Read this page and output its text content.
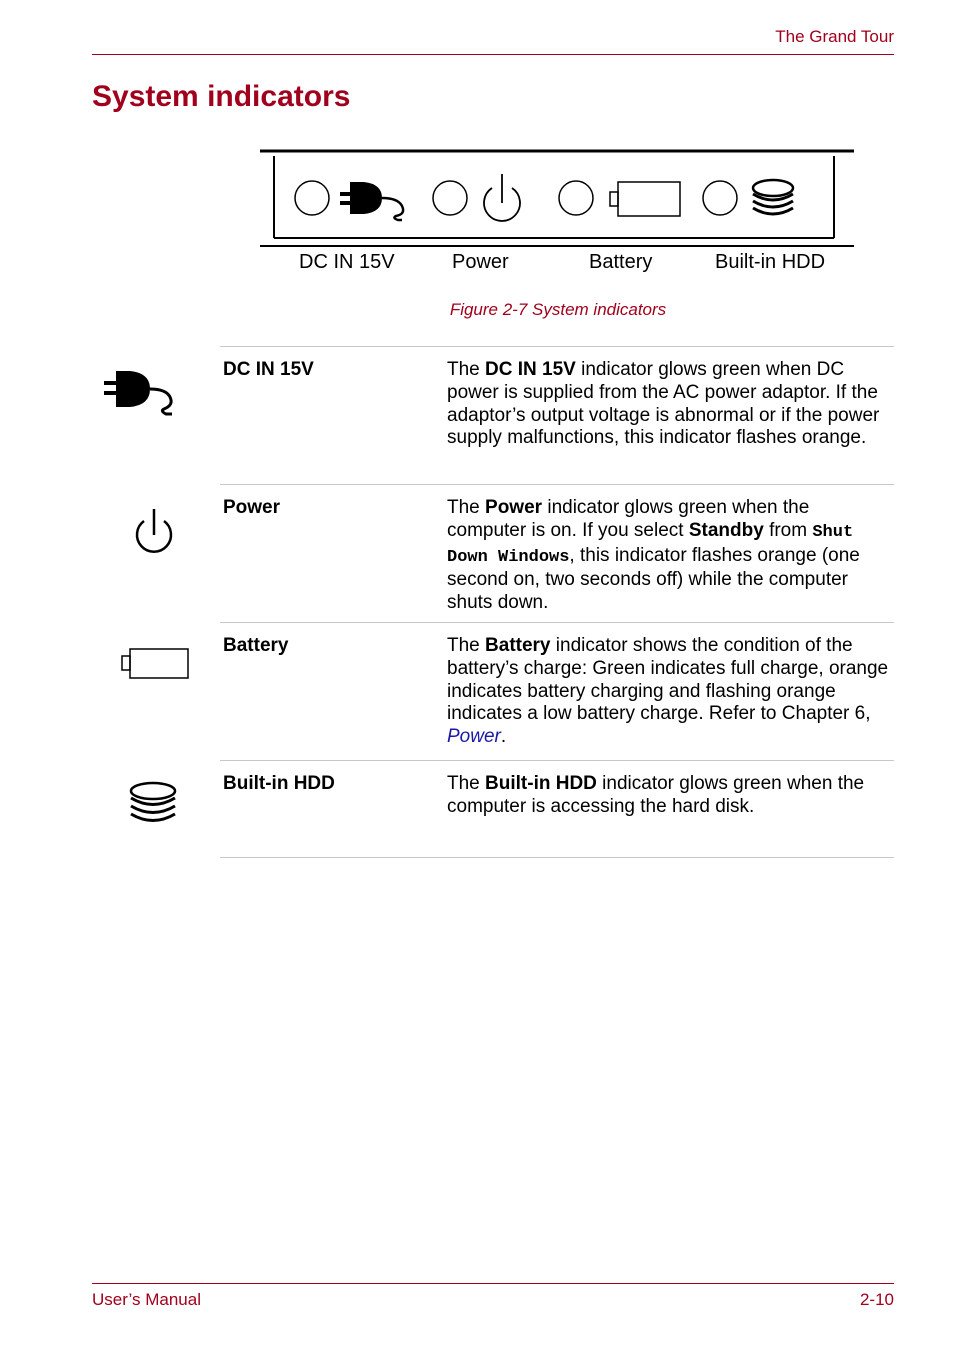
The Grand Tour
System indicators
DC IN 15V	Power	Battery	Built-in HDD
Figure 2-7 System indicators
DC IN 15V	The DC IN 15V indicator glows green when DC power is supplied from the AC power adaptor. If the adaptor’s output voltage is abnormal or if the power supply malfunctions, this indicator flashes orange.
Power	The Power indicator glows green when the computer is on. If you select Standby from Shut Down Windows, this indicator flashes orange (one second on, two seconds off) while the computer shuts down.
Battery	The Battery indicator shows the condition of the battery’s charge: Green indicates full charge, orange indicates battery charging and flashing orange indicates a low battery charge. Refer to Chapter 6, Power.
Built-in HDD	The Built-in HDD indicator glows green when the computer is accessing the hard disk.
User’s Manual	2-10
